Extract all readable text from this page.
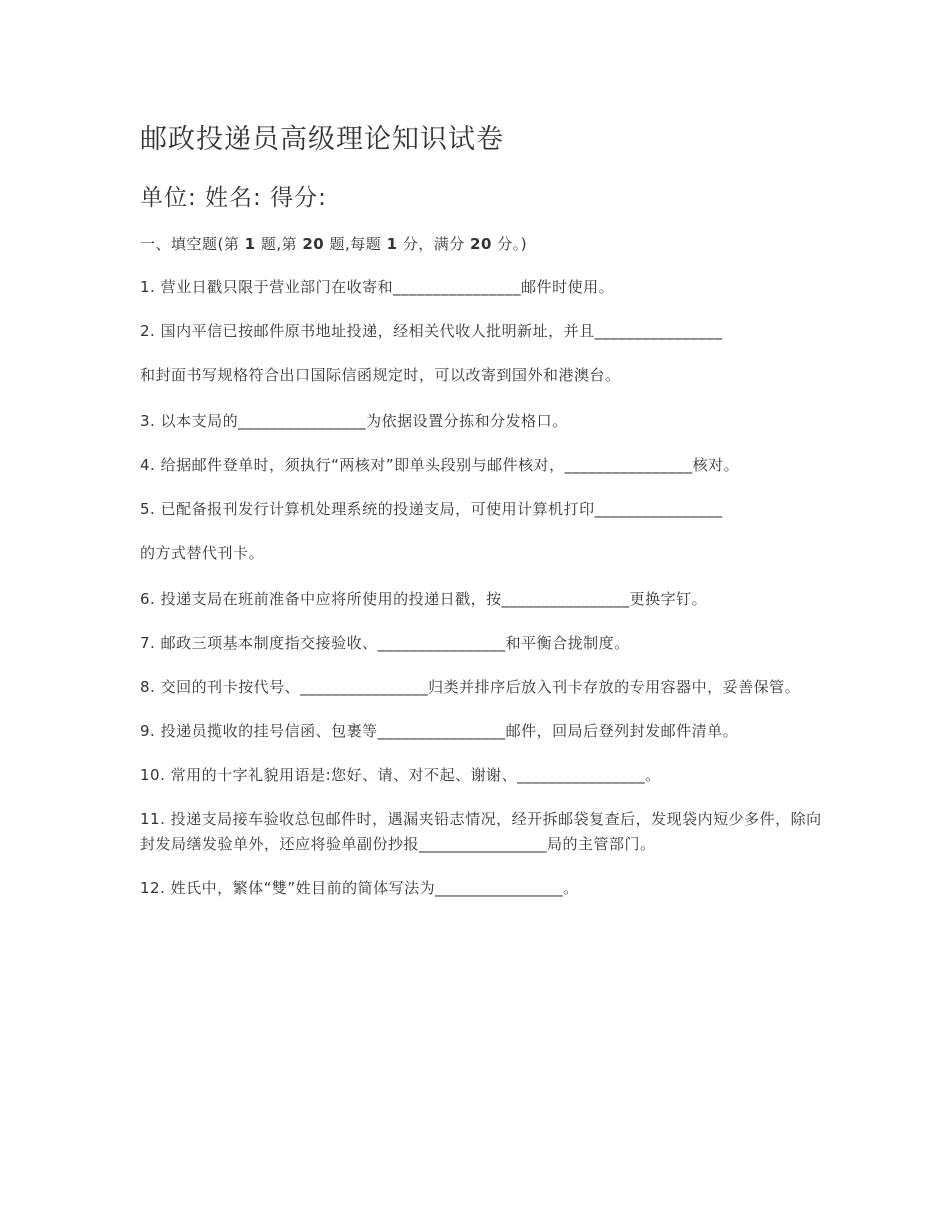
邮政投递员高级理论知识试卷
单位: 姓名: 得分:

一、填空题(第 1 题,第 20 题,每题 1 分，满分 20 分。)

1. 营业日戳只限于营业部门在收寄和________________邮件时使用。

2. 国内平信已按邮件原书地址投递，经相关代收人批明新址，并且________________

和封面书写规格符合出口国际信函规定时，可以改寄到国外和港澳台。

3. 以本支局的________________为依据设置分拣和分发格口。

4. 给据邮件登单时，须执行“两核对”即单头段别与邮件核对，________________核对。

5. 已配备报刊发行计算机处理系统的投递支局，可使用计算机打印________________

的方式替代刊卡。

6. 投递支局在班前准备中应将所使用的投递日戳，按________________更换字钉。

7. 邮政三项基本制度指交接验收、________________和平衡合拢制度。

8. 交回的刊卡按代号、________________归类并排序后放入刊卡存放的专用容器中，妥善保管。

9. 投递员揽收的挂号信函、包裹等________________邮件，回局后登列封发邮件清单。

10. 常用的十字礼貌用语是:您好、请、对不起、谢谢、________________。

11. 投递支局接车验收总包邮件时，遇漏夹铅志情况，经开拆邮袋复查后，发现袋内短少多件，除向封发局缮发验单外，还应将验单副份抄报________________局的主管部门。

12. 姓氏中，繁体“雙”姓目前的简体写法为________________。
